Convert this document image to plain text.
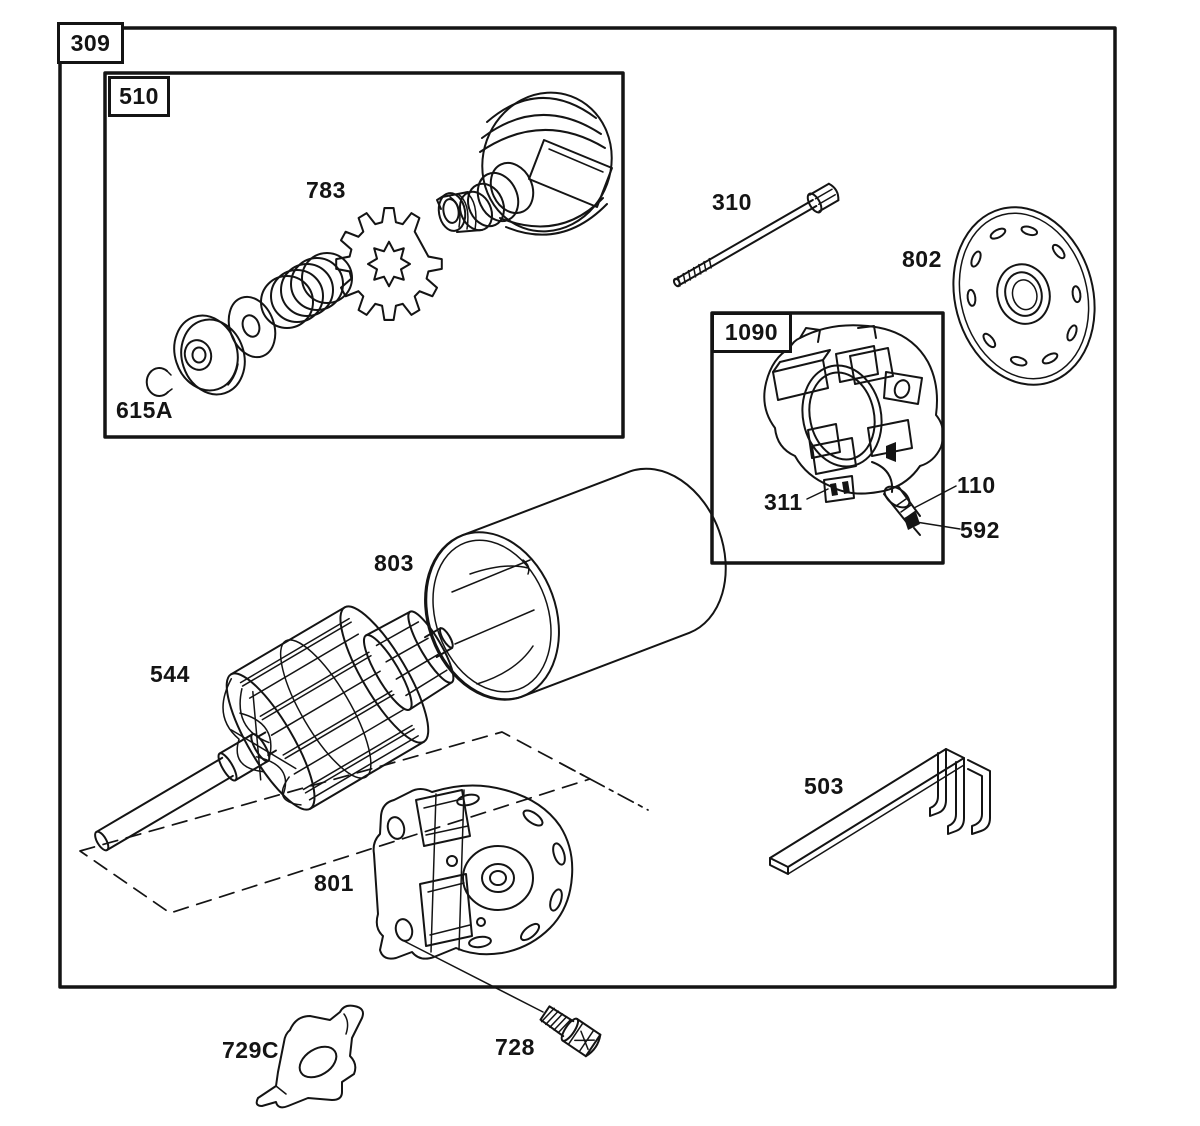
309
510
1090
783
615A
310
802
311
110
592
803
544
801
503
728
729C
